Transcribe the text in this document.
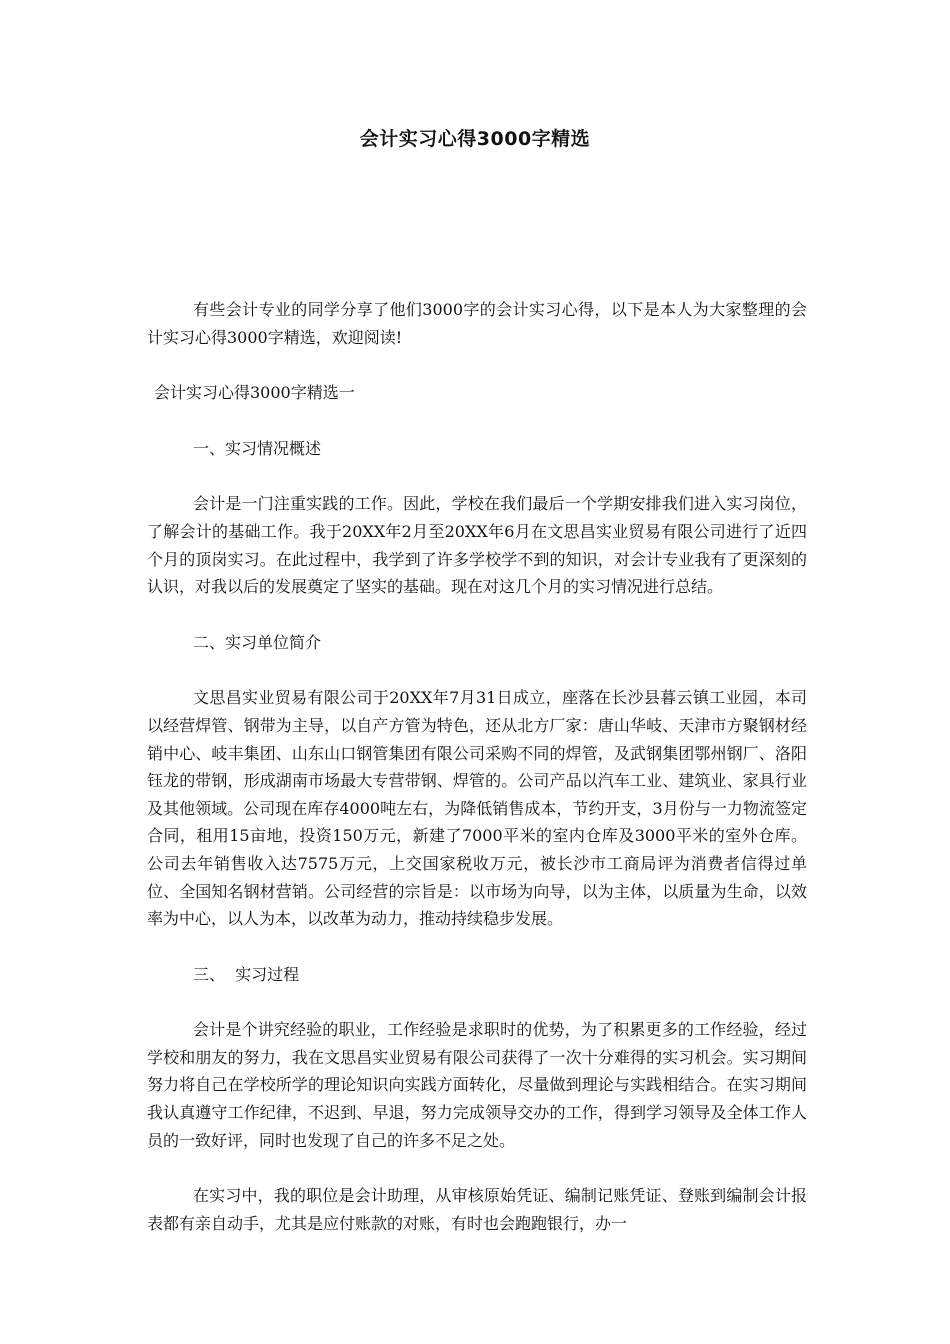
会计实习心得3000字精选

有些会计专业的同学分享了他们3000字的会计实习心得，以下是本人为大家整理的会计实习心得3000字精选，欢迎阅读!

会计实习心得3000字精选一

一、实习情况概述

会计是一门注重实践的工作。因此，学校在我们最后一个学期安排我们进入实习岗位，了解会计的基础工作。我于20XX年2月至20XX年6月在文思昌实业贸易有限公司进行了近四个月的顶岗实习。在此过程中，我学到了许多学校学不到的知识，对会计专业我有了更深刻的认识，对我以后的发展奠定了坚实的基础。现在对这几个月的实习情况进行总结。

二、实习单位简介

文思昌实业贸易有限公司于20XX年7月31日成立，座落在长沙县暮云镇工业园，本司以经营焊管、钢带为主导，以自产方管为特色，还从北方厂家：唐山华岐、天津市方聚钢材经销中心、岐丰集团、山东山口钢管集团有限公司采购不同的焊管，及武钢集团鄂州钢厂、洛阳钰龙的带钢，形成湖南市场最大专营带钢、焊管的。公司产品以汽车工业、建筑业、家具行业及其他领域。公司现在库存4000吨左右，为降低销售成本，节约开支，3月份与一力物流签定合同，租用15亩地，投资150万元，新建了7000平米的室内仓库及3000平米的室外仓库。公司去年销售收入达7575万元，上交国家税收万元，被长沙市工商局评为消费者信得过单位、全国知名钢材营销。公司经营的宗旨是：以市场为向导，以为主体，以质量为生命，以效率为中心，以人为本，以改革为动力，推动持续稳步发展。

三、  实习过程

会计是个讲究经验的职业，工作经验是求职时的优势，为了积累更多的工作经验，经过学校和朋友的努力，我在文思昌实业贸易有限公司获得了一次十分难得的实习机会。实习期间努力将自己在学校所学的理论知识向实践方面转化，尽量做到理论与实践相结合。在实习期间我认真遵守工作纪律，不迟到、早退，努力完成领导交办的工作，得到学习领导及全体工作人员的一致好评，同时也发现了自己的许多不足之处。

在实习中，我的职位是会计助理，从审核原始凭证、编制记账凭证、登账到编制会计报表都有亲自动手，尤其是应付账款的对账，有时也会跑跑银行，办一
